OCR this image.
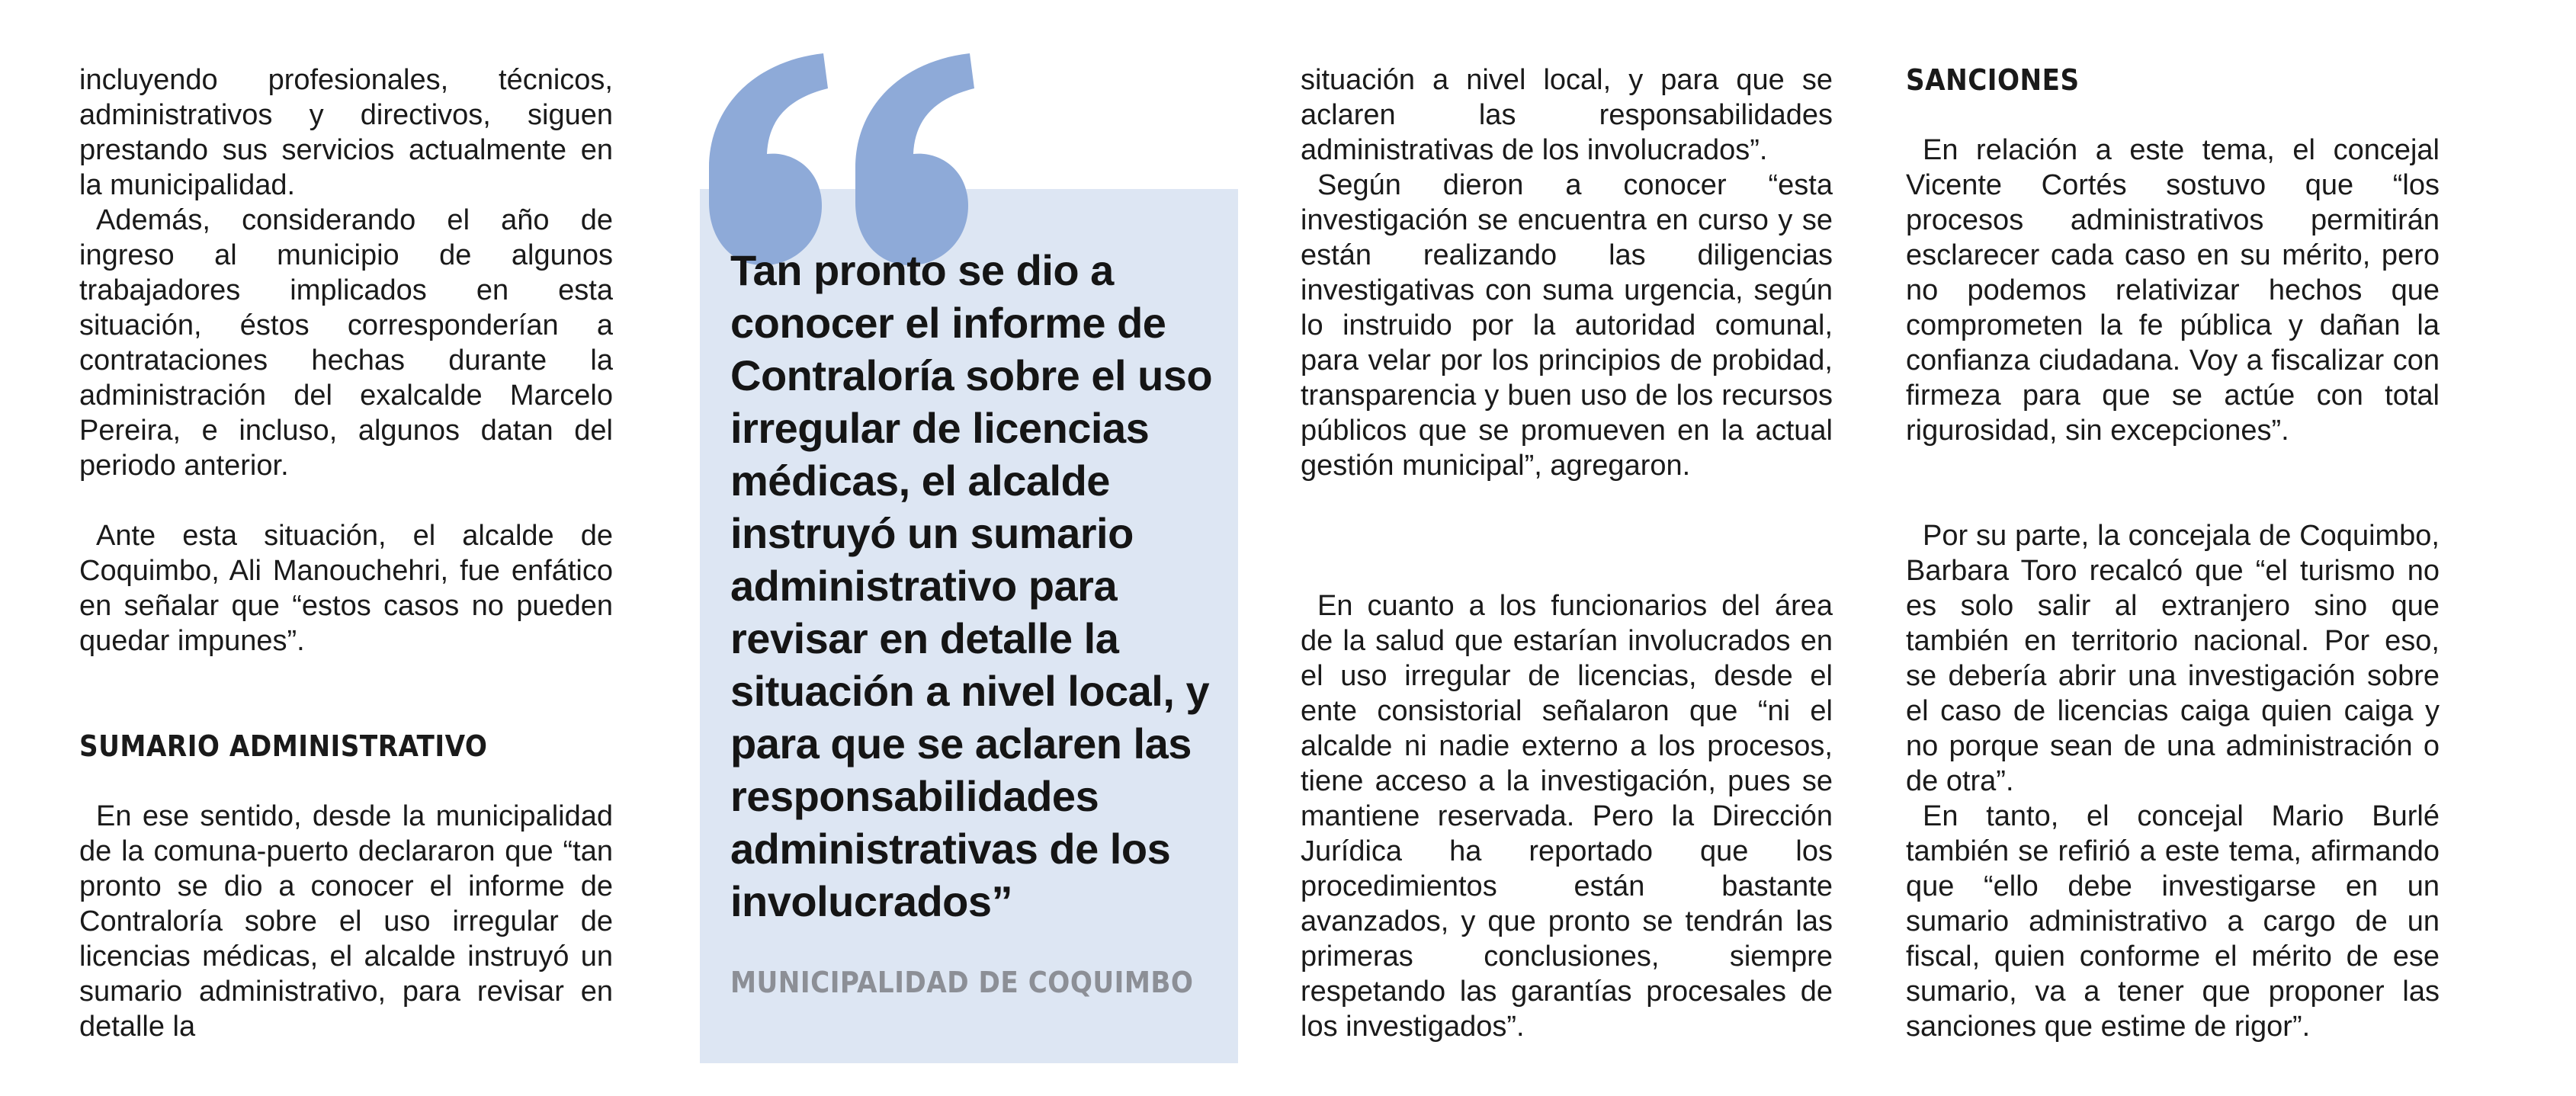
incluyendo profesionales, técnicos, administrativos y directivos, siguen prestando sus servicios actualmente en la municipalidad.

Además, considerando el año de ingreso al municipio de algunos trabajadores implicados en esta situación, éstos corresponderían a contrataciones hechas durante la administración del exalcalde Marcelo Pereira, e incluso, algunos datan del periodo anterior.

Ante esta situación, el alcalde de Coquimbo, Ali Manouchehri, fue enfático en señalar que “estos casos no pueden quedar impunes”.

SUMARIO ADMINISTRATIVO

En ese sentido, desde la municipalidad de la comuna-puerto declararon que “tan pronto se dio a conocer el informe de Contraloría sobre el uso irregular de licencias médicas, el alcalde instruyó un sumario administrativo, para revisar en detalle la

Tan pronto se dio a conocer el informe de Contraloría sobre el uso irregular de licencias médicas, el alcalde instruyó un sumario administrativo para revisar en detalle la situación a nivel local, y para que se aclaren las responsabilidades administrativas de los involucrados”

MUNICIPALIDAD DE COQUIMBO

situación a nivel local, y para que se aclaren las responsabilidades administrativas de los involucrados”.

Según dieron a conocer “esta investigación se encuentra en curso y se están realizando las diligencias investigativas con suma urgencia, según lo instruido por la autoridad comunal, para velar por los principios de probidad, transparencia y buen uso de los recursos públicos que se promueven en la actual gestión municipal”, agregaron.

En cuanto a los funcionarios del área de la salud que estarían involucrados en el uso irregular de licencias, desde el ente consistorial señalaron que “ni el alcalde ni nadie externo a los procesos, tiene acceso a la investigación, pues se mantiene reservada. Pero la Dirección Jurídica ha reportado que los procedimientos están bastante avanzados, y que pronto se tendrán las primeras conclusiones, siempre respetando las garantías procesales de los investigados”.

SANCIONES

En relación a este tema, el concejal Vicente Cortés sostuvo que “los procesos administrativos permitirán esclarecer cada caso en su mérito, pero no podemos relativizar hechos que comprometen la fe pública y dañan la confianza ciudadana. Voy a fiscalizar con firmeza para que se actúe con total rigurosidad, sin excepciones”.

Por su parte, la concejala de Coquimbo, Barbara Toro recalcó que “el turismo no es solo salir al extranjero sino que también en territorio nacional. Por eso, se debería abrir una investigación sobre el caso de licencias caiga quien caiga y no porque sean de una administración o de otra”.

En tanto, el concejal Mario Burlé también se refirió a este tema, afirmando que “ello debe investigarse en un sumario administrativo a cargo de un fiscal, quien conforme el mérito de ese sumario, va a tener que proponer las sanciones que estime de rigor”.
